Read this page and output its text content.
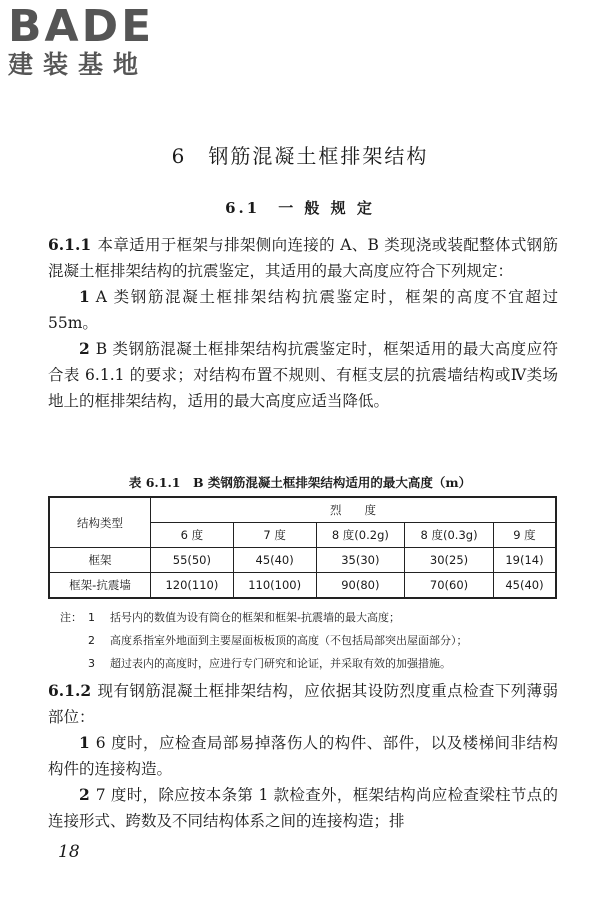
BADE
建装基地
6　钢筋混凝土框排架结构
6.1　一 般 规 定

6.1.1 本章适用于框架与排架侧向连接的 A、B 类现浇或装配整体式钢筋混凝土框排架结构的抗震鉴定，其适用的最大高度应符合下列规定：

1 A 类钢筋混凝土框排架结构抗震鉴定时，框架的高度不宜超过 55m。

2 B 类钢筋混凝土框排架结构抗震鉴定时，框架适用的最大高度应符合表 6.1.1 的要求；对结构布置不规则、有框支层的抗震墙结构或Ⅳ类场地上的框排架结构，适用的最大高度应适当降低。

表 6.1.1　B 类钢筋混凝土框排架结构适用的最大高度（m）
结构类型	烈　　度				
	6 度	7 度	8 度(0.2g)	8 度(0.3g)	9 度
框架	55(50)	45(40)	35(30)	30(25)	19(14)
框架-抗震墙	120(110)	110(100)	90(80)	70(60)	45(40)
注： 1 括号内的数值为设有筒仓的框架和框架-抗震墙的最大高度；
2 高度系指室外地面到主要屋面板板顶的高度（不包括局部突出屋面部分）；
3 超过表内的高度时，应进行专门研究和论证，并采取有效的加强措施。

6.1.2 现有钢筋混凝土框排架结构，应依据其设防烈度重点检查下列薄弱部位：

1 6 度时，应检查局部易掉落伤人的构件、部件，以及楼梯间非结构构件的连接构造。

2 7 度时，除应按本条第 1 款检查外，框架结构尚应检查梁柱节点的连接形式、跨数及不同结构体系之间的连接构造；排

18
